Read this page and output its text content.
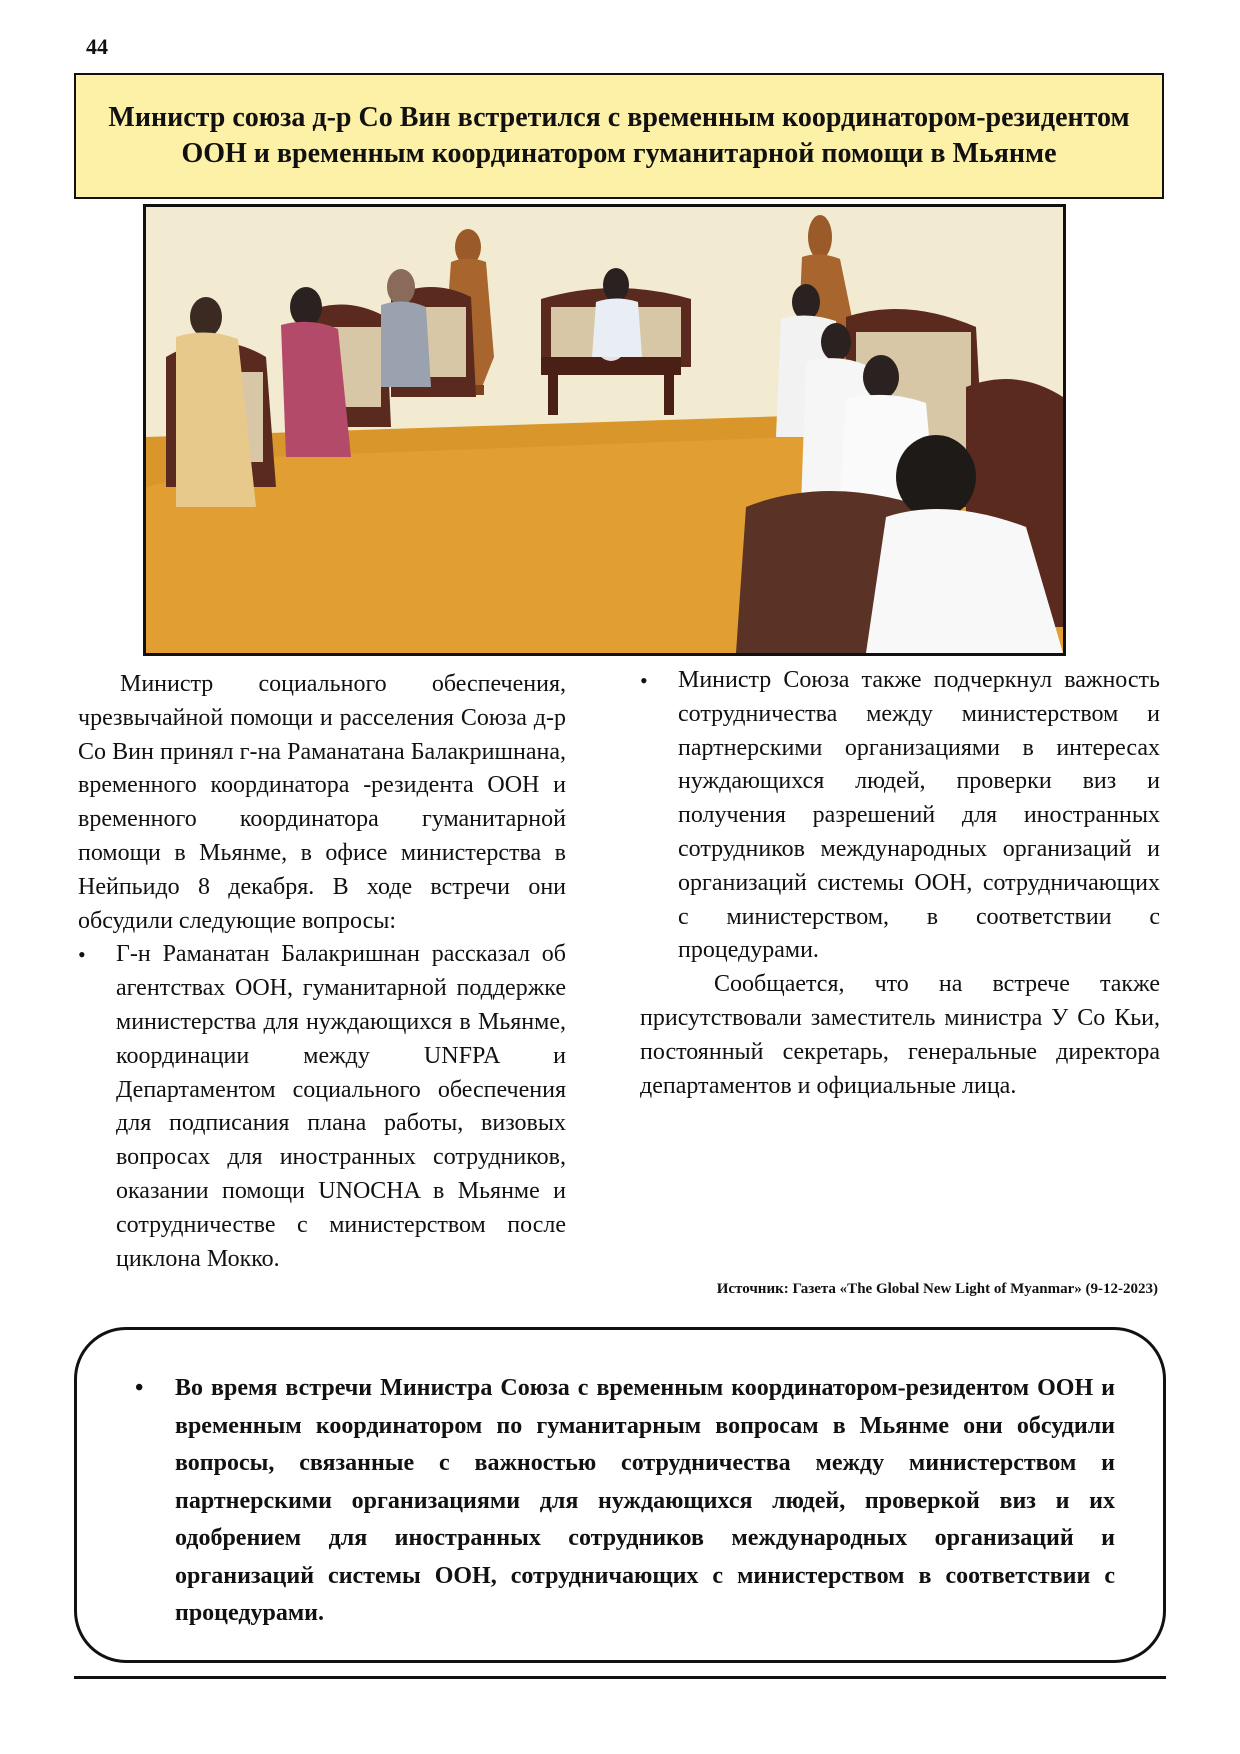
44
Министр союза д-р Со Вин встретился с временным координатором-резидентом ООН и временным координатором гуманитарной помощи в Мьянме

Министр социального обеспечения, чрезвычайной помощи и расселения Союза д-р Со Вин принял г-на Раманатана Балакришнана, временного координатора -резидента ООН и временного координатора гуманитарной помощи в Мьянме, в офисе министерства в Нейпьидо 8 декабря. В ходе встречи они обсудили следующие вопросы:

• Г-н Раманатан Балакришнан рассказал об агентствах ООН, гуманитарной поддержке министерства для нуждающихся в Мьянме, координации между UNFPA и Департаментом социального обеспечения для подписания плана работы, визовых вопросах для иностранных сотрудников, оказании помощи UNOCHA в Мьянме и сотрудничестве с министерством после циклона Мокко.
• Министр Союза также подчеркнул важность сотрудничества между министерством и партнерскими организациями в интересах нуждающихся людей, проверки виз и получения разрешений для иностранных сотрудников международных организаций и организаций системы ООН, сотрудничающих с министерством, в соответствии с процедурами.

Сообщается, что на встрече также присутствовали заместитель министра У Со Кьи, постоянный секретарь, генеральные директора департаментов и официальные лица.

Источник: Газета «The Global New Light of Myanmar» (9-12-2023)
• Во время встречи Министра Союза с временным координатором-резидентом ООН и временным координатором по гуманитарным вопросам в Мьянме они обсудили вопросы, связанные с важностью сотрудничества между министерством и партнерскими организациями для нуждающихся людей, проверкой виз и их одобрением для иностранных сотрудников международных организаций и организаций системы ООН, сотрудничающих с министерством в соответствии с процедурами.
